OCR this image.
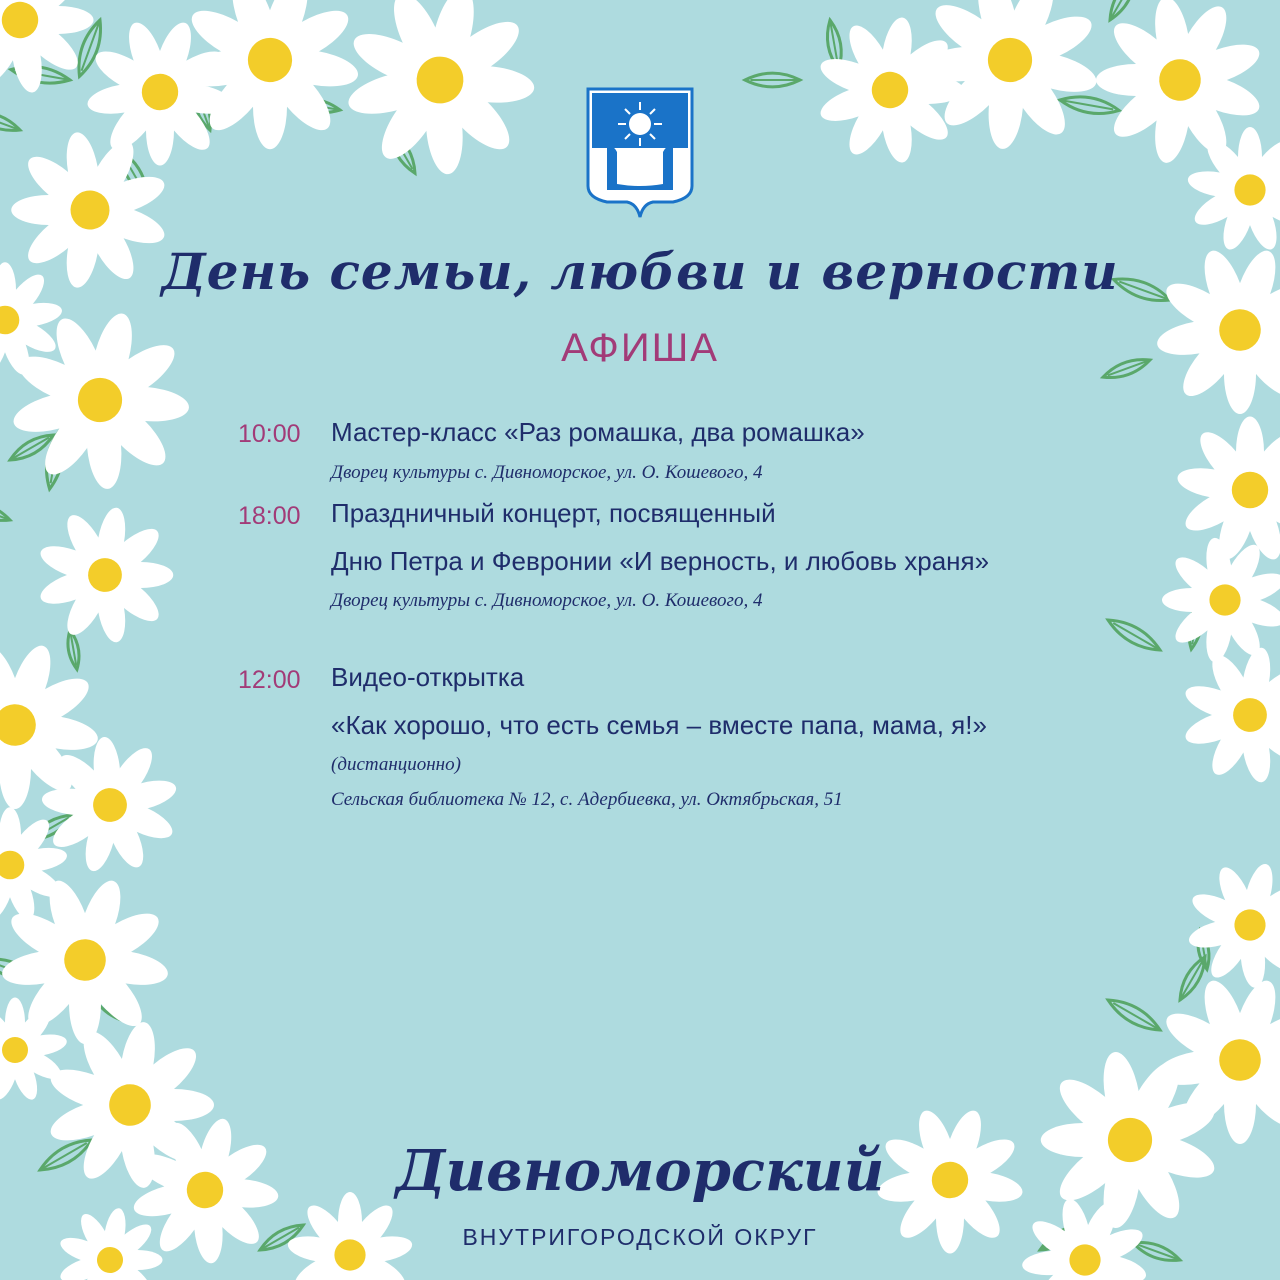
День семьи, любви и верности
АФИША
10:00	Мастер-класс «Раз ромашка, два ромашка»
Дворец культуры с. Дивноморское, ул. О. Кошевого, 4
18:00	Праздничный концерт, посвященный
Дню Петра и Февронии «И верность, и любовь храня»
Дворец культуры с. Дивноморское, ул. О. Кошевого, 4
12:00	Видео-открытка
«Как хорошо, что есть семья – вместе папа, мама, я!»
(дистанционно)
Сельская библиотека № 12, с. Адербиевка, ул. Октябрьская, 51
Дивноморский
ВНУТРИГОРОДСКОЙ ОКРУГ
